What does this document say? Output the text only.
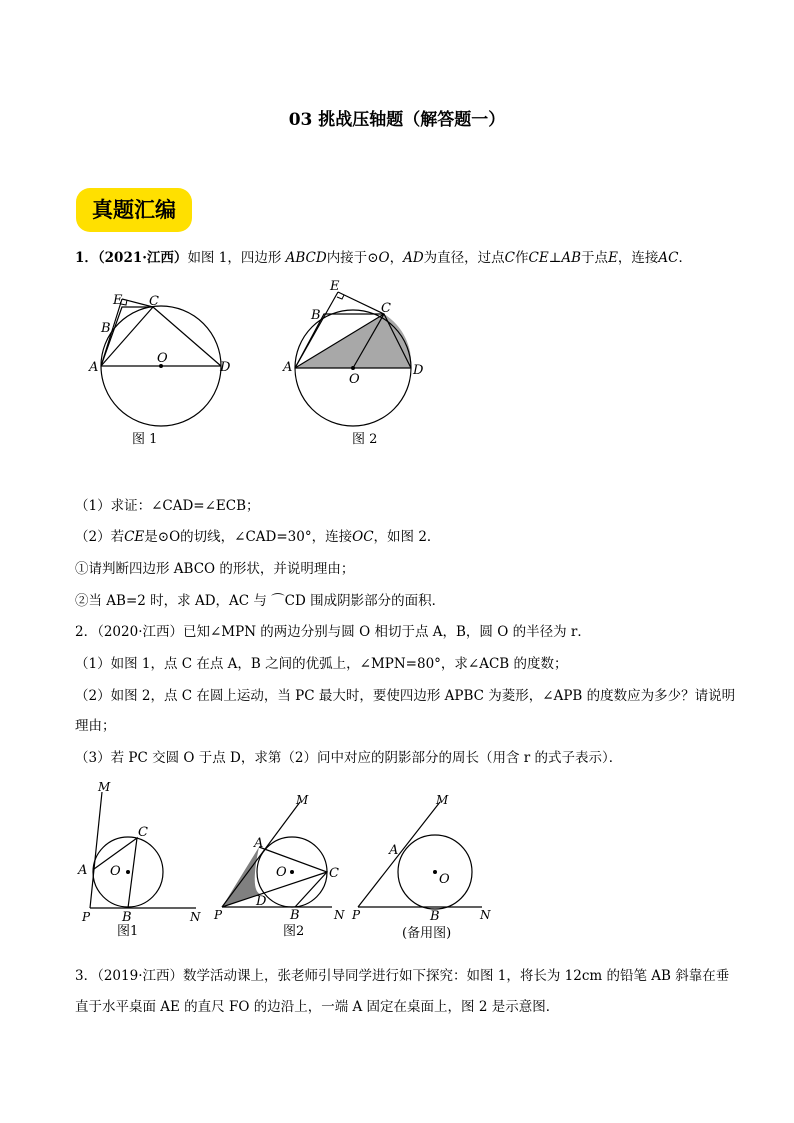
03 挑战压轴题（解答题一）
真题汇编
1．（2021·江西）如图 1，四边形 ABCD内接于⊙O，AD为直径，过点C作CE⊥AB于点E，连接AC．
A
B
E C
O
D
图 1
A
B
E
C
O
D
图 2
（1）求证：∠CAD=∠ECB；
（2）若CE是⊙O的切线，∠CAD=30°，连接OC，如图 2．
①请判断四边形 ABCO 的形状，并说明理由；
②当 AB=2 时，求 AD，AC 与 ⌒CD 围成阴影部分的面积．
2．（2020·江西）已知∠MPN 的两边分别与圆 O 相切于点 A，B，圆 O 的半径为 r．
（1）如图 1，点 C 在点 A，B 之间的优弧上，∠MPN=80°，求∠ACB 的度数；
（2）如图 2，点 C 在圆上运动，当 PC 最大时，要使四边形 APBC 为菱形，∠APB 的度数应为多少？请说明
理由；
（3）若 PC 交圆 O 于点 D，求第（2）问中对应的阴影部分的周长（用含 r 的式子表示）．
M
C
A O
P B	N
图1
M
A
O	C
D
P	B	N
图2
M
A
O
P	B	N
(备用图)
3．（2019·江西）数学活动课上，张老师引导同学进行如下探究：如图 1，将长为 12cm 的铅笔 AB 斜靠在垂
直于水平桌面 AE 的直尺 FO 的边沿上，一端 A 固定在桌面上，图 2 是示意图．
